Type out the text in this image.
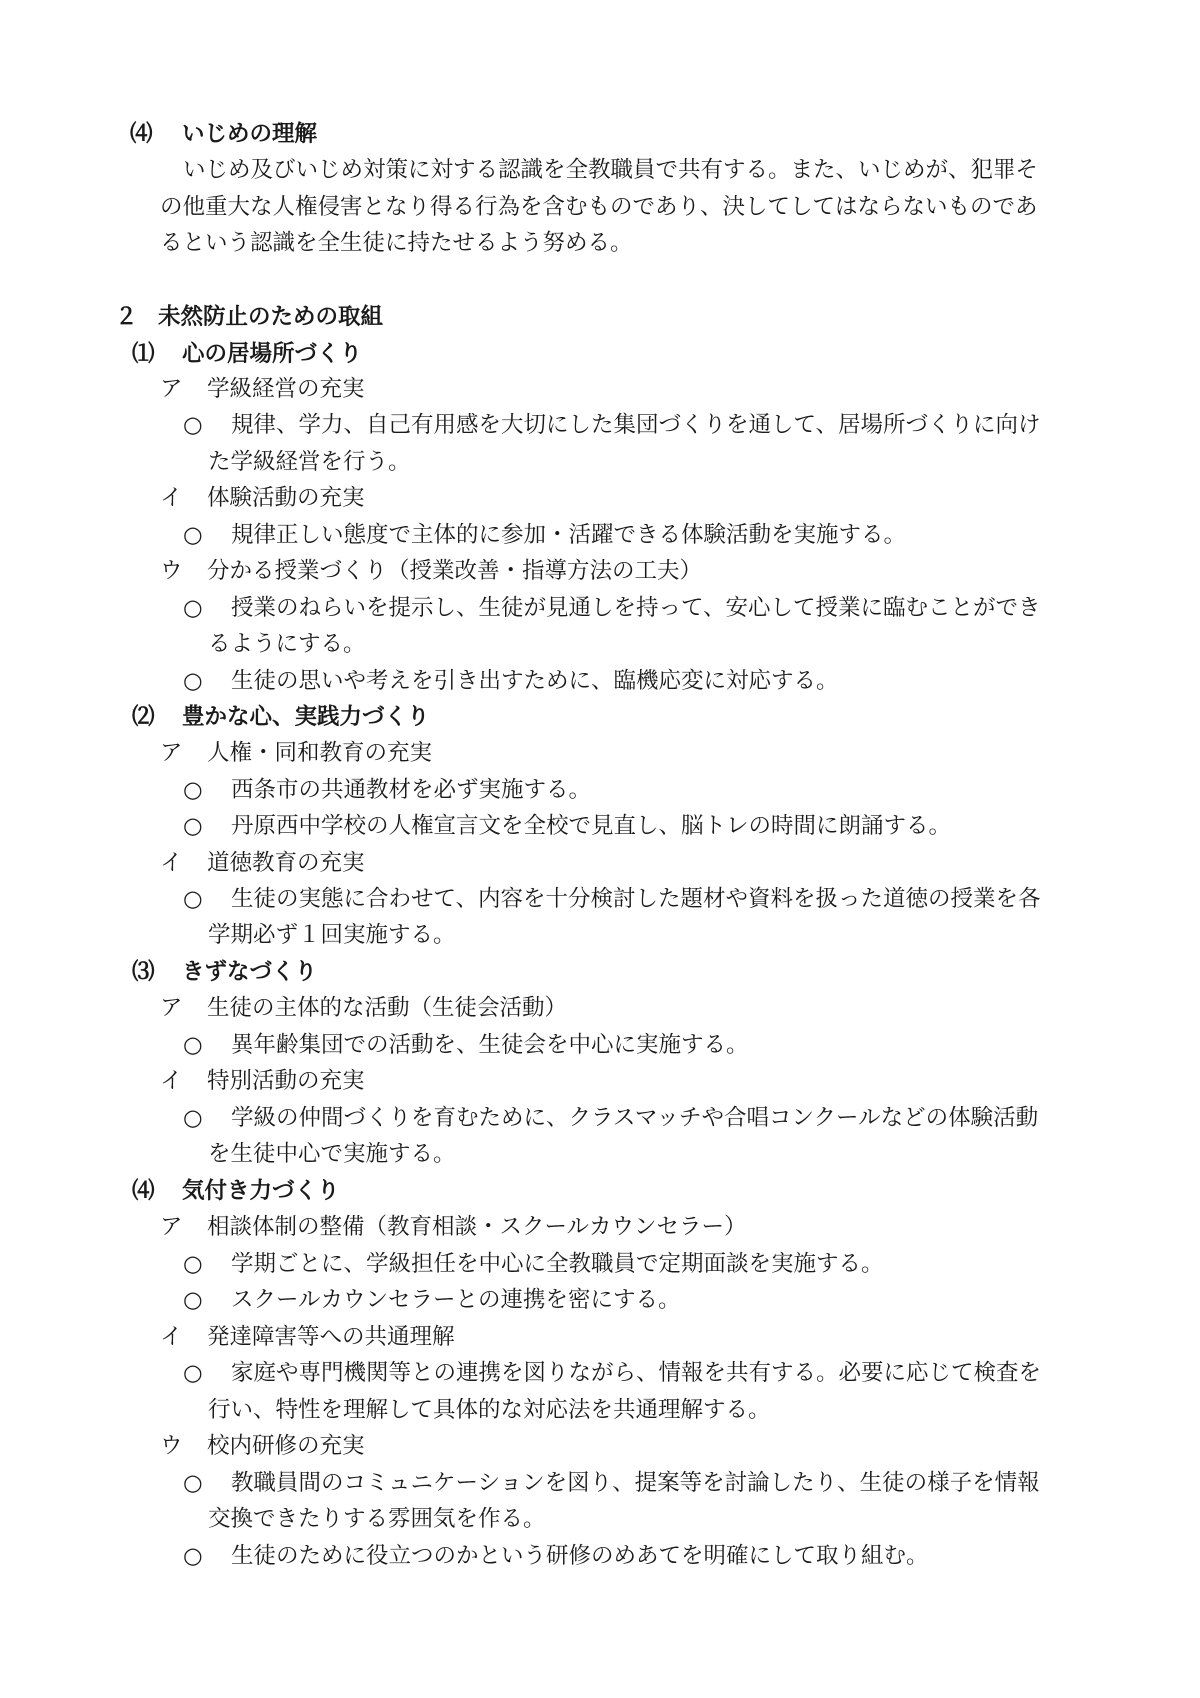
⑷ いじめの理解
いじめ及びいじめ対策に対する認識を全教職員で共有する。また、いじめが、犯罪そ
の他重大な人権侵害となり得る行為を含むものであり、決してしてはならないものであ
るという認識を全生徒に持たせるよう努める。
２ 未然防止のための取組
⑴ 心の居場所づくり
ア 学級経営の充実
○ 規律、学力、自己有用感を大切にした集団づくりを通して、居場所づくりに向け
た学級経営を行う。
イ 体験活動の充実
○ 規律正しい態度で主体的に参加・活躍できる体験活動を実施する。
ウ 分かる授業づくり（授業改善・指導方法の工夫）
○ 授業のねらいを提示し、生徒が見通しを持って、安心して授業に臨むことができ
るようにする。
○ 生徒の思いや考えを引き出すために、臨機応変に対応する。
⑵ 豊かな心、実践力づくり
ア 人権・同和教育の充実
○ 西条市の共通教材を必ず実施する。
○ 丹原西中学校の人権宣言文を全校で見直し、脳トレの時間に朗誦する。
イ 道徳教育の充実
○ 生徒の実態に合わせて、内容を十分検討した題材や資料を扱った道徳の授業を各
学期必ず１回実施する。
⑶ きずなづくり
ア 生徒の主体的な活動（生徒会活動）
○ 異年齢集団での活動を、生徒会を中心に実施する。
イ 特別活動の充実
○ 学級の仲間づくりを育むために、クラスマッチや合唱コンクールなどの体験活動
を生徒中心で実施する。
⑷ 気付き力づくり
ア 相談体制の整備（教育相談・スクールカウンセラー）
○ 学期ごとに、学級担任を中心に全教職員で定期面談を実施する。
○ スクールカウンセラーとの連携を密にする。
イ 発達障害等への共通理解
○ 家庭や専門機関等との連携を図りながら、情報を共有する。必要に応じて検査を
行い、特性を理解して具体的な対応法を共通理解する。
ウ 校内研修の充実
○ 教職員間のコミュニケーションを図り、提案等を討論したり、生徒の様子を情報
交換できたりする雰囲気を作る。
○ 生徒のために役立つのかという研修のめあてを明確にして取り組む。
